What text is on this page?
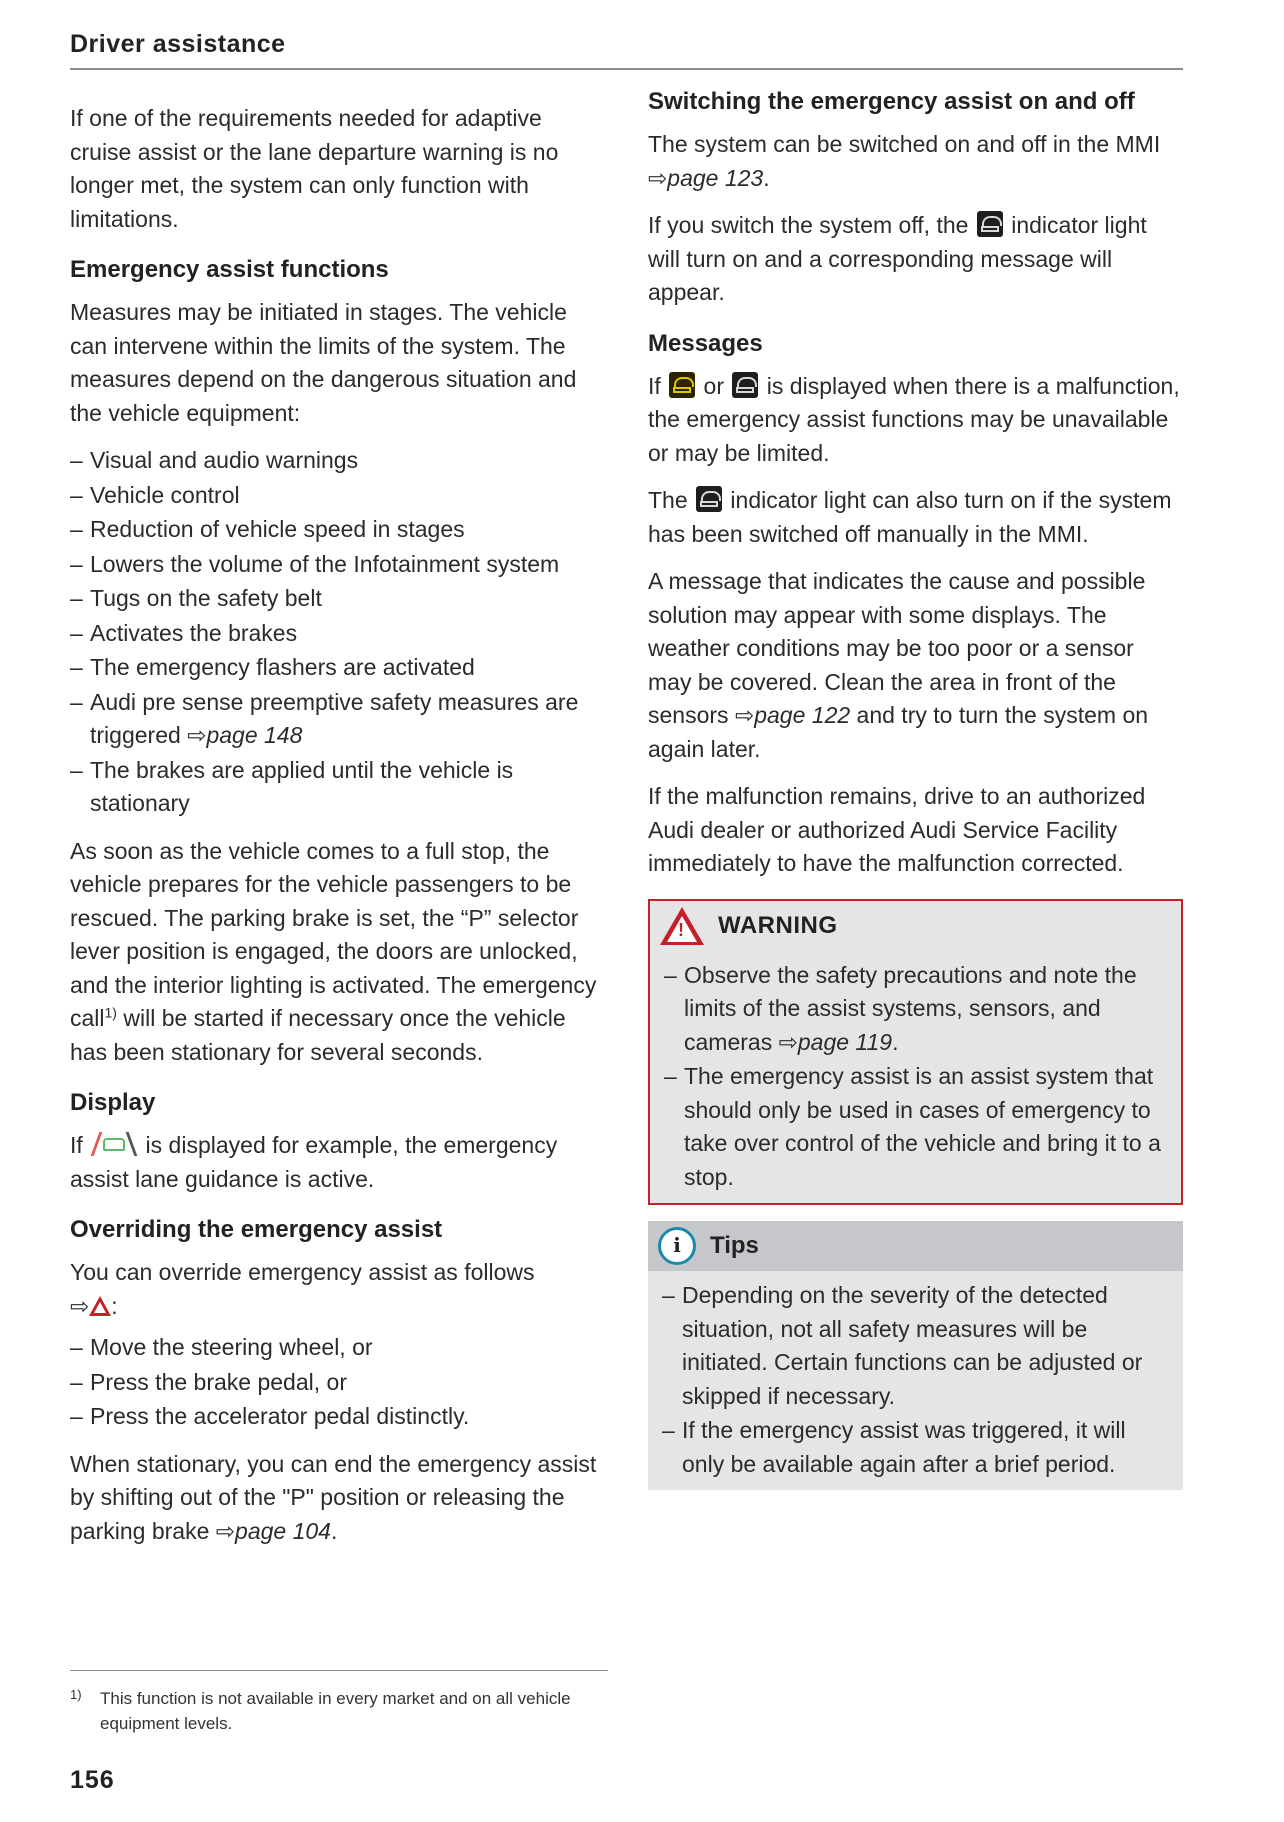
Driver assistance

If one of the requirements needed for adaptive cruise assist or the lane departure warning is no longer met, the system can only function with limitations.

Emergency assist functions

Measures may be initiated in stages. The vehicle can intervene within the limits of the system. The measures depend on the dangerous situation and the vehicle equipment:

– Visual and audio warnings
– Vehicle control
– Reduction of vehicle speed in stages
– Lowers the volume of the Infotainment system
– Tugs on the safety belt
– Activates the brakes
– The emergency flashers are activated
– Audi pre sense preemptive safety measures are triggered ⇨page 148
– The brakes are applied until the vehicle is stationary

As soon as the vehicle comes to a full stop, the vehicle prepares for the vehicle passengers to be rescued. The parking brake is set, the “P” selector lever position is engaged, the doors are unlocked, and the interior lighting is activated. The emergency call$^{1)}$ will be started if necessary once the vehicle has been stationary for several seconds.

Display

If
is displayed for example, the emergency assist lane guidance is active.

Overriding the emergency assist

You can override emergency assist as follows
⇨ :

– Move the steering wheel, or
– Press the brake pedal, or
– Press the accelerator pedal distinctly.

When stationary, you can end the emergency assist by shifting out of the "P" position or releasing the parking brake ⇨page 104.

Switching the emergency assist on and off

The system can be switched on and off in the MMI ⇨page 123.

If you switch the system off, the  indicator light will turn on and a corresponding message will appear.

Messages

If  or  is displayed when there is a malfunction, the emergency assist functions may be unavailable or may be limited.

The  indicator light can also turn on if the system has been switched off manually in the MMI.

A message that indicates the cause and possible solution may appear with some displays. The weather conditions may be too poor or a sensor may be covered. Clean the area in front of the sensors ⇨page 122 and try to turn the system on again later.

If the malfunction remains, drive to an authorized Audi dealer or authorized Audi Service Facility immediately to have the malfunction corrected.

!
WARNING
– Observe the safety precautions and note the limits of the assist systems, sensors, and cameras ⇨page 119.
– The emergency assist is an assist system that should only be used in cases of emergency to take over control of the vehicle and bring it to a stop.
i	Tips
– Depending on the severity of the detected situation, not all safety measures will be initiated. Certain functions can be adjusted or skipped if necessary.
– If the emergency assist was triggered, it will only be available again after a brief period.
1)	This function is not available in every market and on all vehicle equipment levels.
156
